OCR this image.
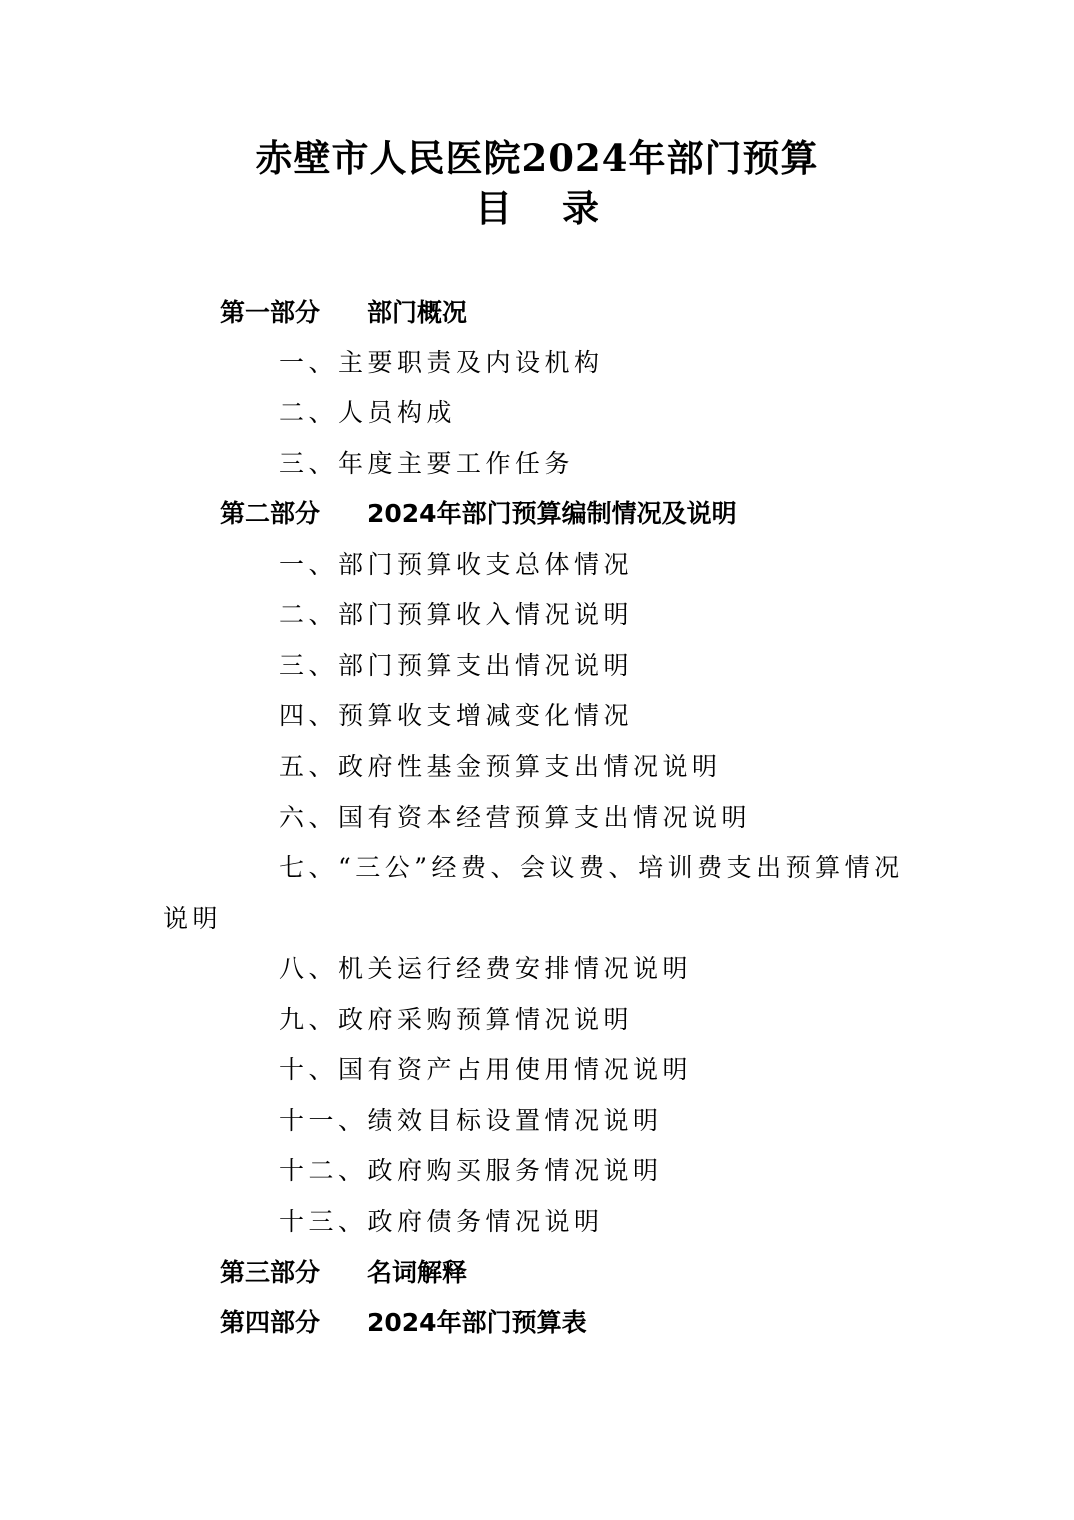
赤壁市人民医院2024年部门预算
目录
第一部分 部门概况
一、主要职责及内设机构
二、人员构成
三、年度主要工作任务
第二部分 2024年部门预算编制情况及说明
一、部门预算收支总体情况
二、部门预算收入情况说明
三、部门预算支出情况说明
四、预算收支增减变化情况
五、政府性基金预算支出情况说明
六、国有资本经营预算支出情况说明
七、“三公”经费、会议费、培训费支出预算情况
说明
八、机关运行经费安排情况说明
九、政府采购预算情况说明
十、国有资产占用使用情况说明
十一、绩效目标设置情况说明
十二、政府购买服务情况说明
十三、政府债务情况说明
第三部分 名词解释
第四部分 2024年部门预算表
